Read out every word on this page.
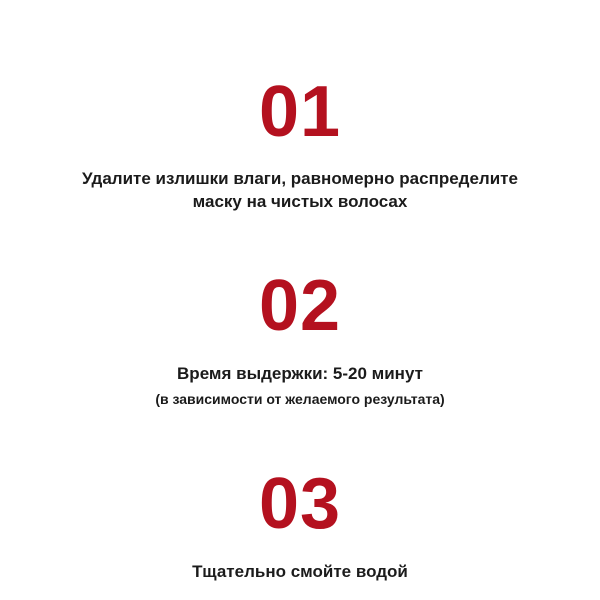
01
Удалите излишки влаги, равномерно распределите маску на чистых волосах
02
Время выдержки: 5-20 минут
(в зависимости от желаемого результата)
03
Тщательно смойте водой
